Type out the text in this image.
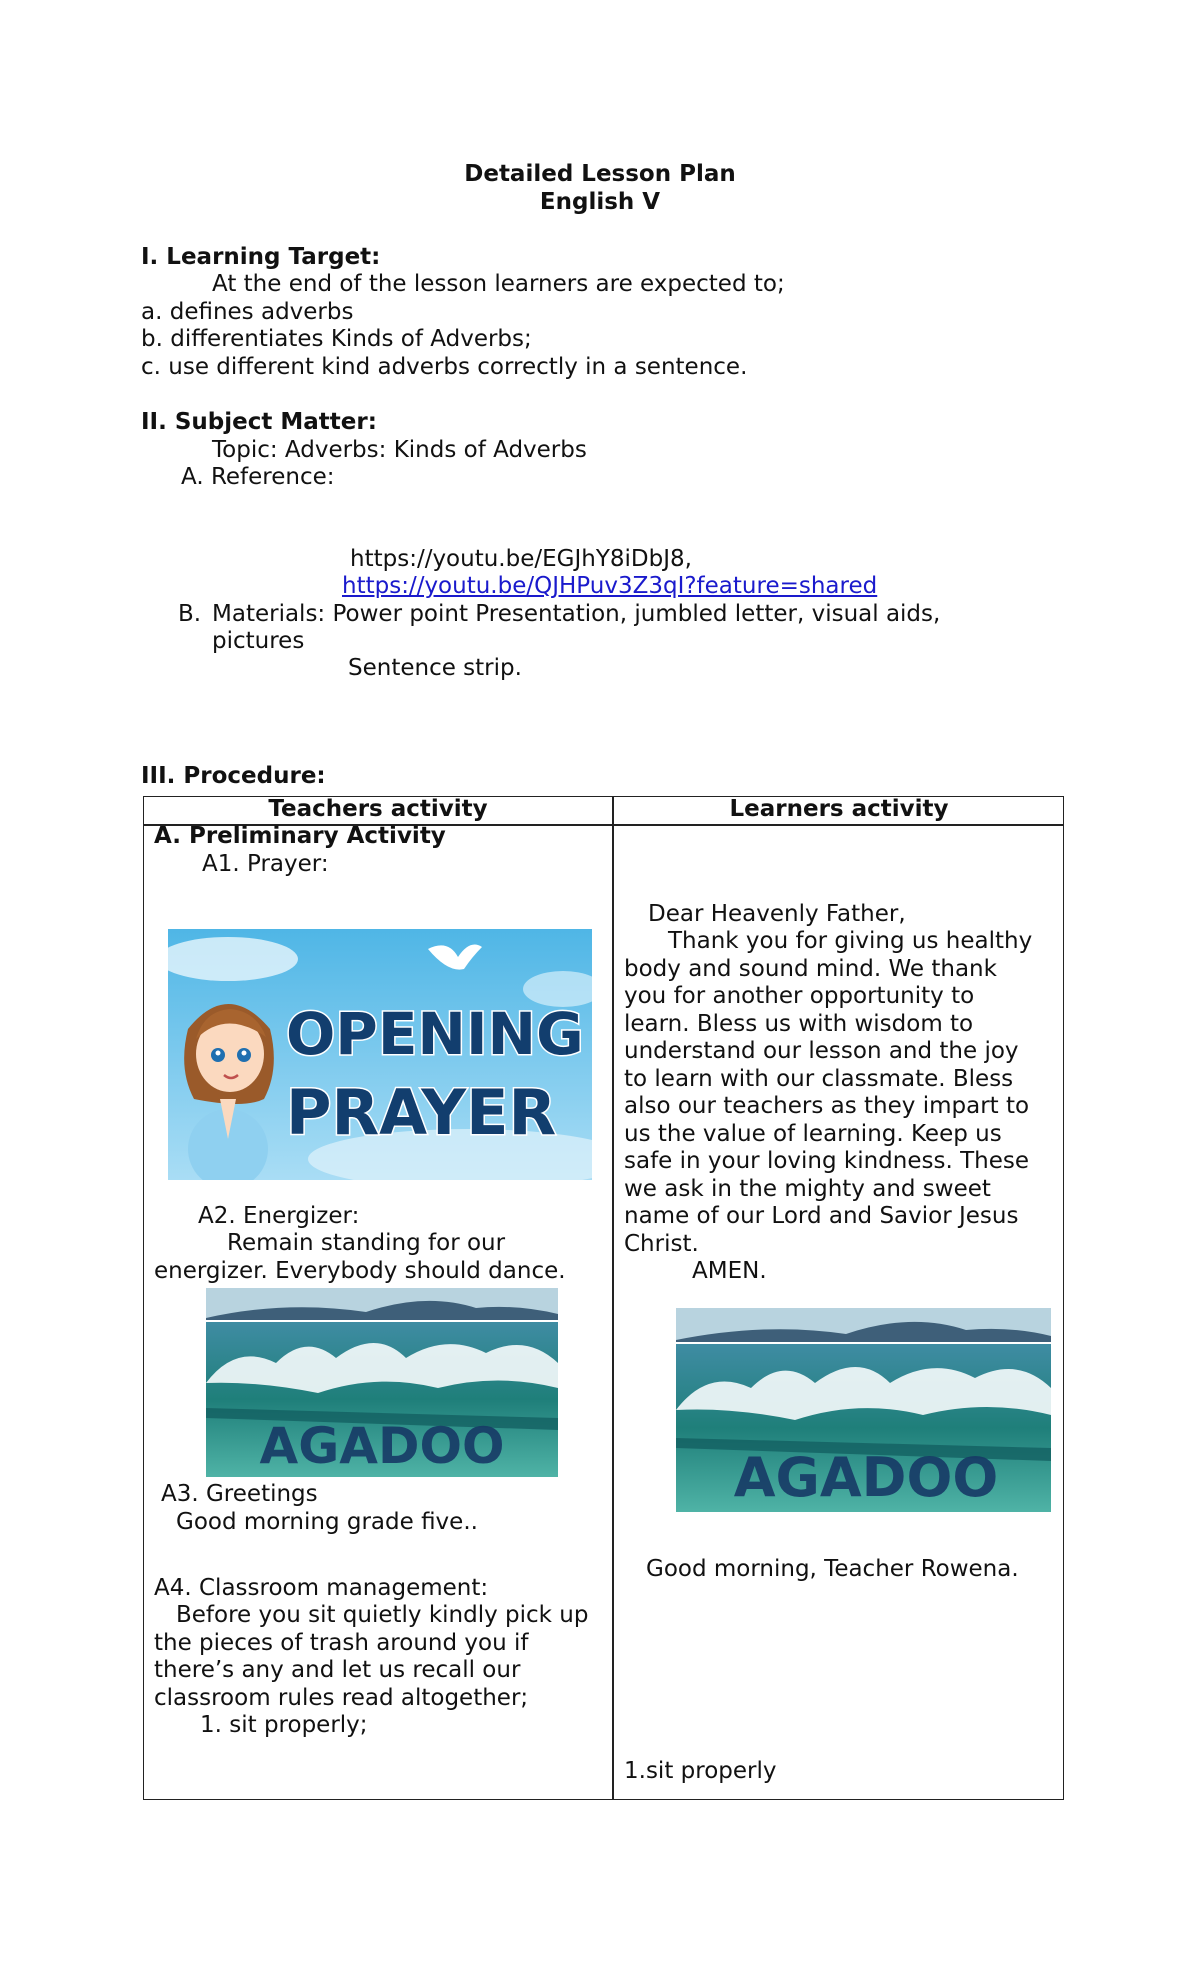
Detailed Lesson Plan
English V
I. Learning Target:
At the end of the lesson learners are expected to;
a. defines adverbs
b. differentiates Kinds of Adverbs;
c. use different kind adverbs correctly in a sentence.
II. Subject Matter:
Topic: Adverbs: Kinds of Adverbs
A. Reference:
https://youtu.be/EGJhY8iDbJ8,
https://youtu.be/QJHPuv3Z3qI?feature=shared
B. Materials: Power point Presentation, jumbled letter, visual aids,
pictures
Sentence strip.
III. Procedure:
Teachers activity	Learners activity
A. Preliminary Activity
A1. Prayer:
OPENING
PRAYER
A2. Energizer:
Remain standing for our
energizer. Everybody should dance.
AGADOO
A3. Greetings
Good morning grade five..
A4. Classroom management:
Before you sit quietly kindly pick up
the pieces of trash around you if
there’s any and let us recall our
classroom rules read altogether;
1. sit properly;
Dear Heavenly Father,
Thank you for giving us healthy
body and sound mind. We thank
you for another opportunity to
learn. Bless us with wisdom to
understand our lesson and the joy
to learn with our classmate. Bless
also our teachers as they impart to
us the value of learning. Keep us
safe in your loving kindness. These
we ask in the mighty and sweet
name of our Lord and Savior Jesus
Christ.
AMEN.
AGADOO
Good morning, Teacher Rowena.
1.sit properly
